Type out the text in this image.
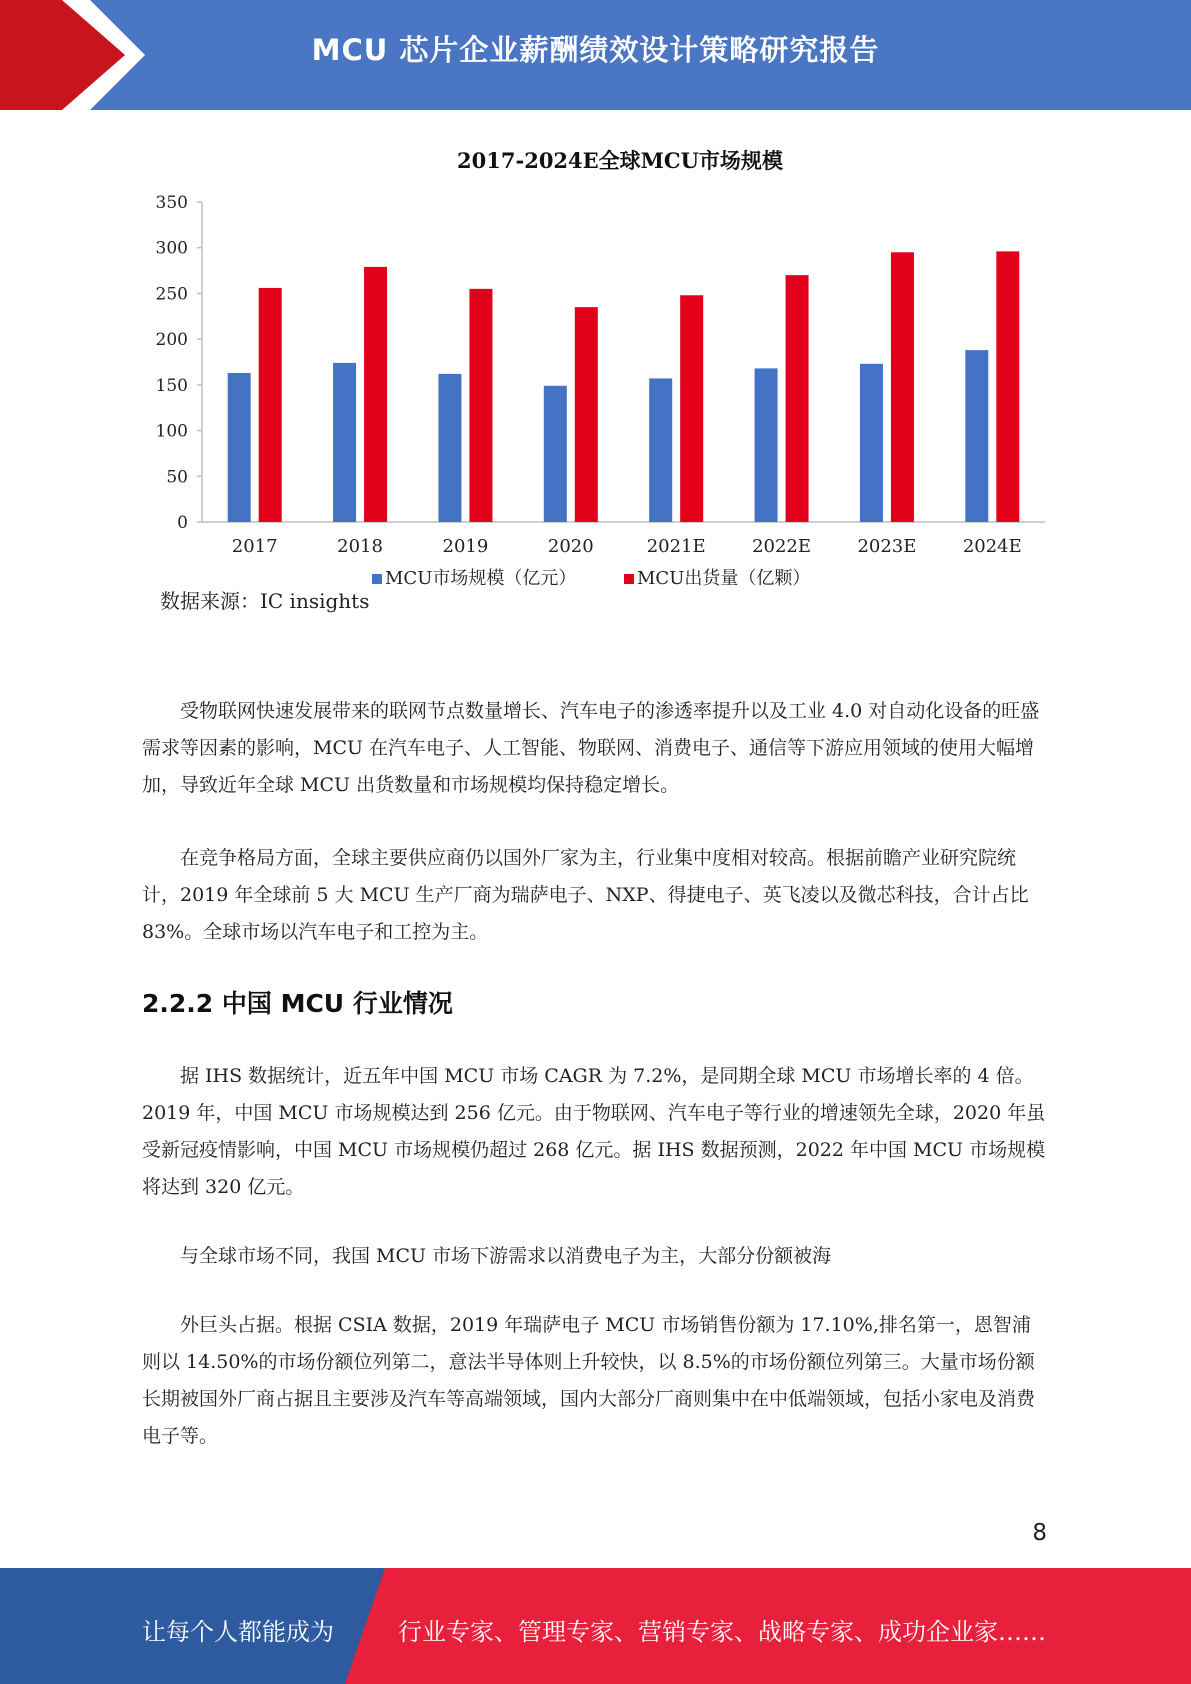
MCU 芯片企业薪酬绩效设计策略研究报告
2017-2024E全球MCU市场规模
0
50
100
150
200
250
300
350
2017	2018	2019	2020	2021E	2022E	2023E	2024E
MCU市场规模（亿元）	MCU出货量（亿颗）
数据来源：IC insights

受物联网快速发展带来的联网节点数量增长、汽车电子的渗透率提升以及工业 4.0 对自动化设备的旺盛需求等因素的影响，MCU 在汽车电子、人工智能、物联网、消费电子、通信等下游应用领域的使用大幅增加，导致近年全球 MCU 出货数量和市场规模均保持稳定增长。

在竞争格局方面，全球主要供应商仍以国外厂家为主，行业集中度相对较高。根据前瞻产业研究院统计，2019 年全球前 5 大 MCU 生产厂商为瑞萨电子、NXP、得捷电子、英飞凌以及微芯科技，合计占比 83%。全球市场以汽车电子和工控为主。

2.2.2 中国 MCU 行业情况

据 IHS 数据统计，近五年中国 MCU 市场 CAGR 为 7.2%，是同期全球 MCU 市场增长率的 4 倍。2019 年，中国 MCU 市场规模达到 256 亿元。由于物联网、汽车电子等行业的增速领先全球，2020 年虽受新冠疫情影响，中国 MCU 市场规模仍超过 268 亿元。据 IHS 数据预测，2022 年中国 MCU 市场规模将达到 320 亿元。

与全球市场不同，我国 MCU 市场下游需求以消费电子为主，大部分份额被海

外巨头占据。根据 CSIA 数据，2019 年瑞萨电子 MCU 市场销售份额为 17.10%,排名第一，恩智浦则以 14.50%的市场份额位列第二，意法半导体则上升较快，以 8.5%的市场份额位列第三。大量市场份额长期被国外厂商占据且主要涉及汽车等高端领域，国内大部分厂商则集中在中低端领域，包括小家电及消费电子等。

8
让每个人都能成为	行业专家、管理专家、营销专家、战略专家、成功企业家……
